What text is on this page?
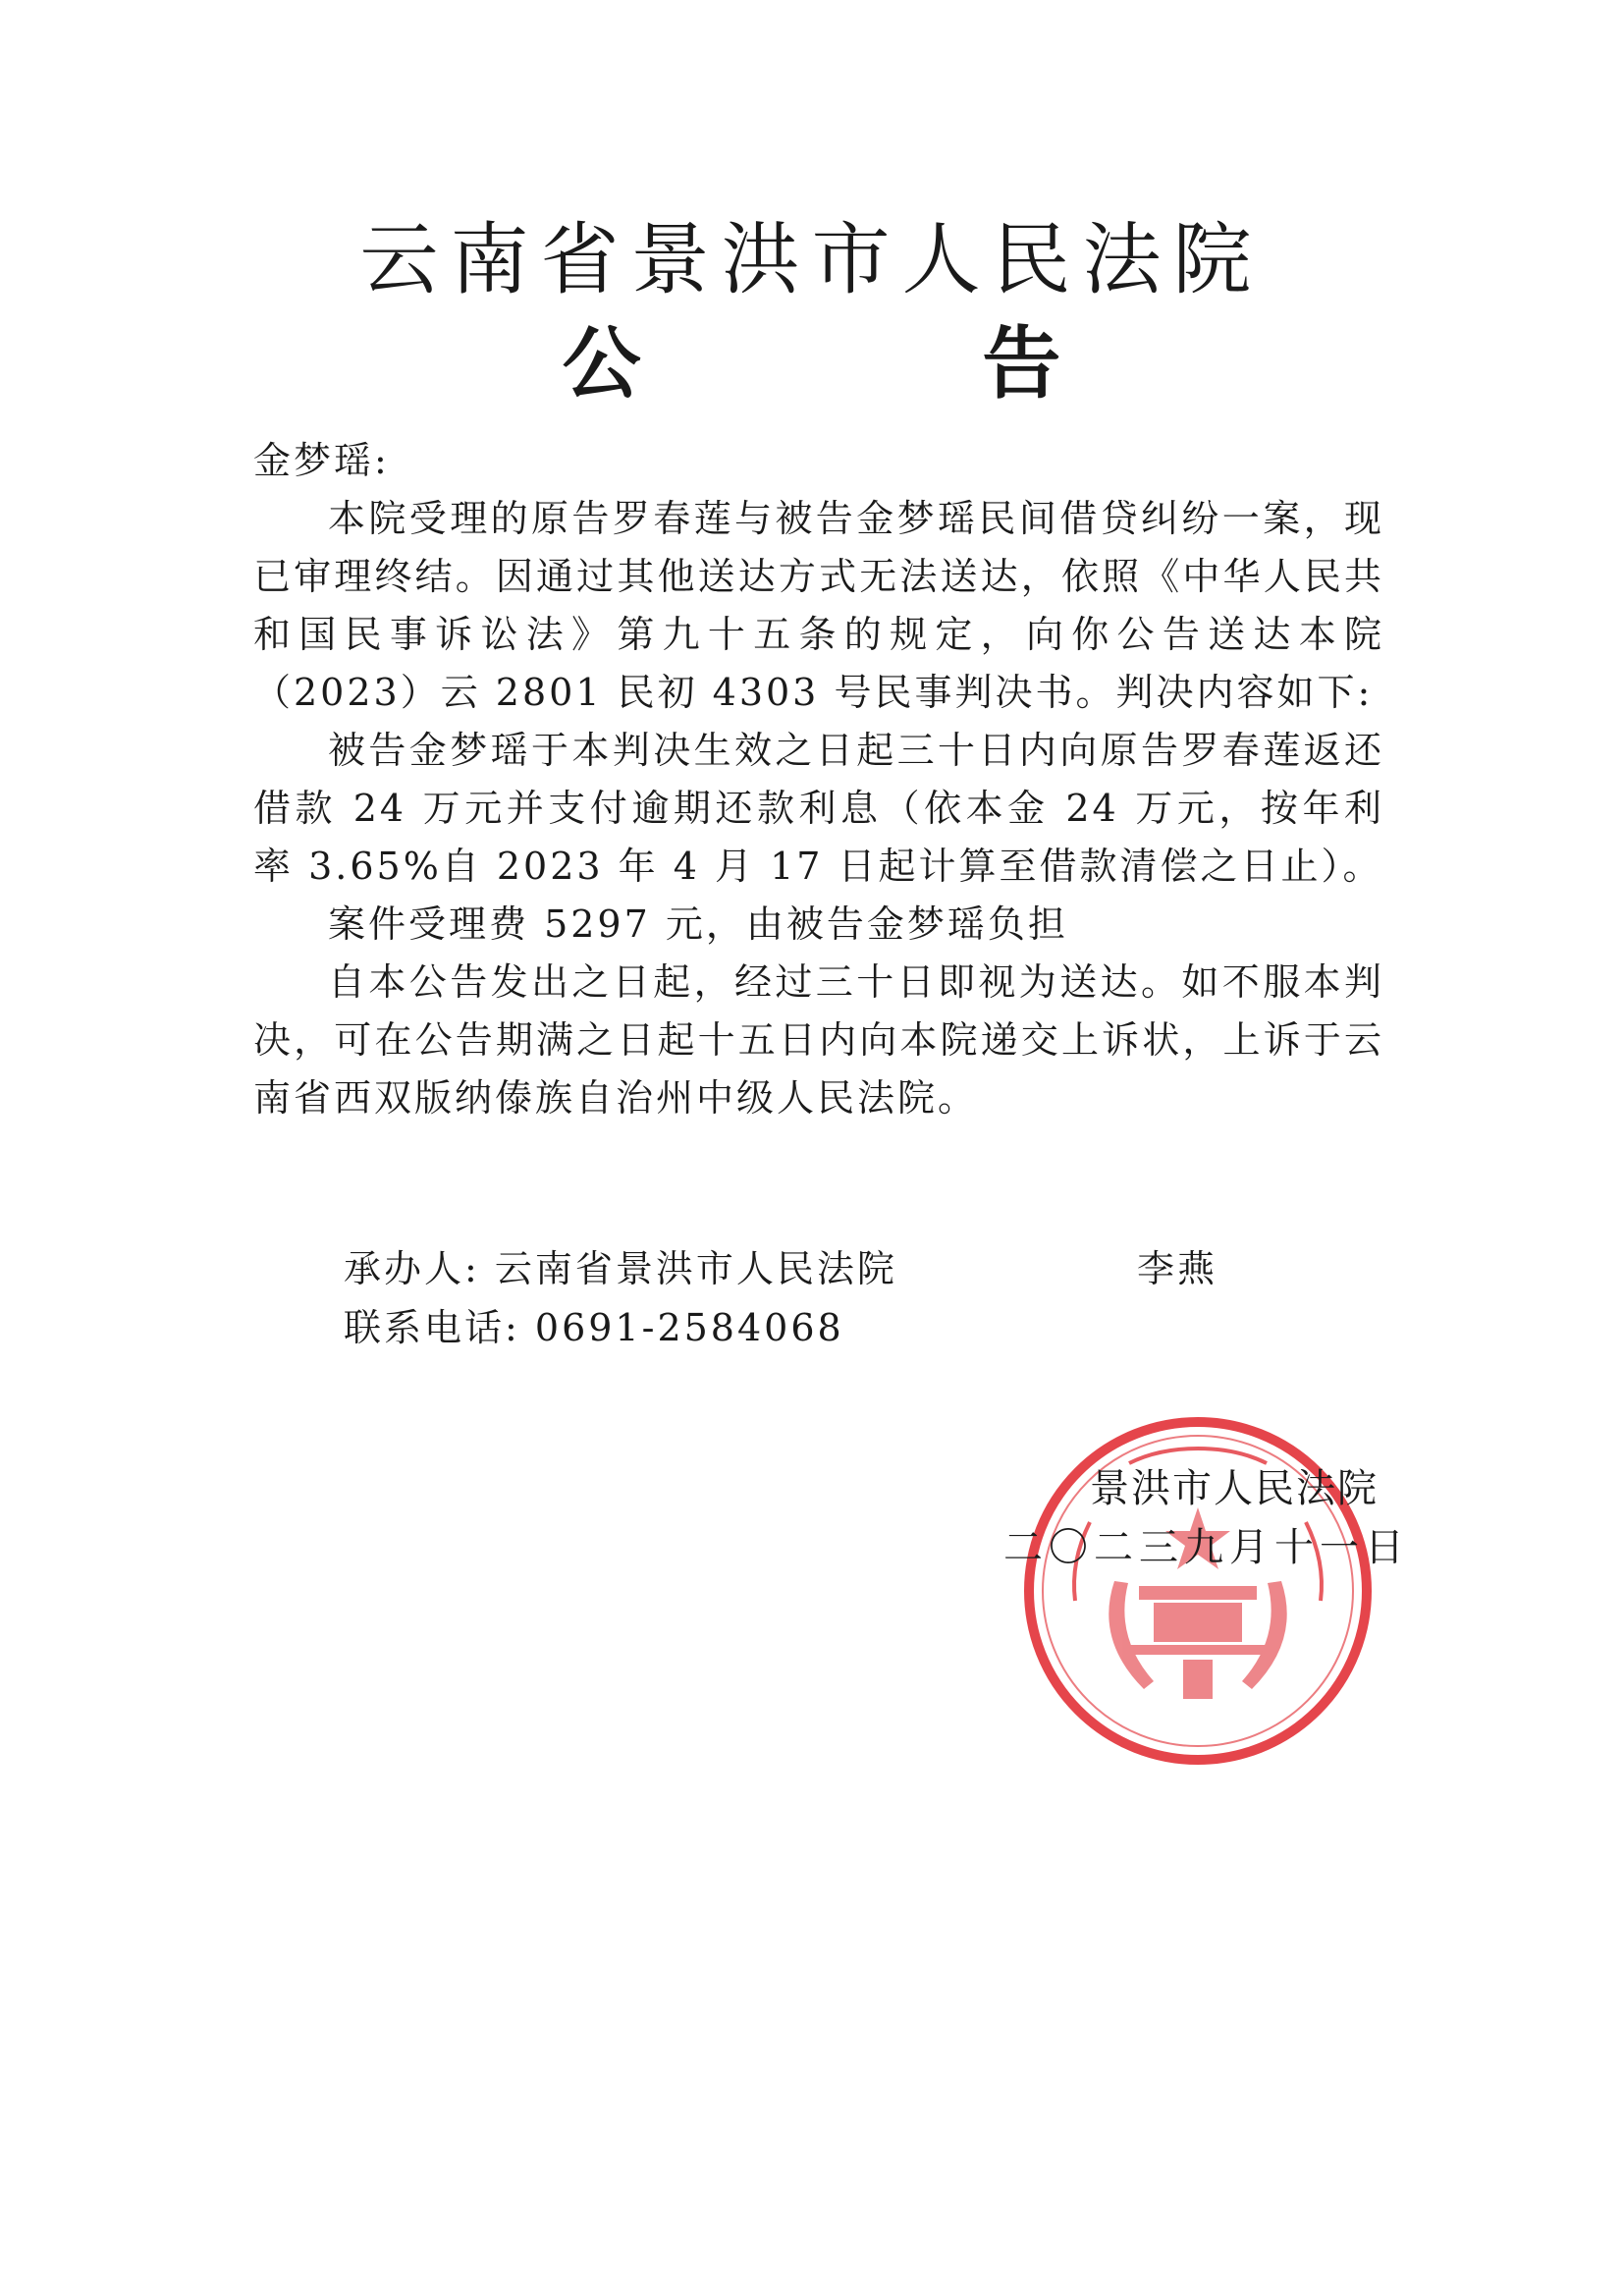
云南省景洪市人民法院
公 告

金梦瑶:

本院受理的原告罗春莲与被告金梦瑶民间借贷纠纷一案，现已审理终结。因通过其他送达方式无法送达，依照《中华人民共和国民事诉讼法》第九十五条的规定，向你公告送达本院（2023）云 2801 民初 4303 号民事判决书。判决内容如下:

被告金梦瑶于本判决生效之日起三十日内向原告罗春莲返还借款 24 万元并支付逾期还款利息（依本金 24 万元，按年利率 3.65%自 2023 年 4 月 17 日起计算至借款清偿之日止）。

案件受理费 5297 元，由被告金梦瑶负担

自本公告发出之日起，经过三十日即视为送达。如不服本判决，可在公告期满之日起十五日内向本院递交上诉状，上诉于云南省西双版纳傣族自治州中级人民法院。

承办人: 云南省景洪市人民法院
联系电话: 0691-2584068
李燕
景洪市人民法院
二〇二三九月十一日
